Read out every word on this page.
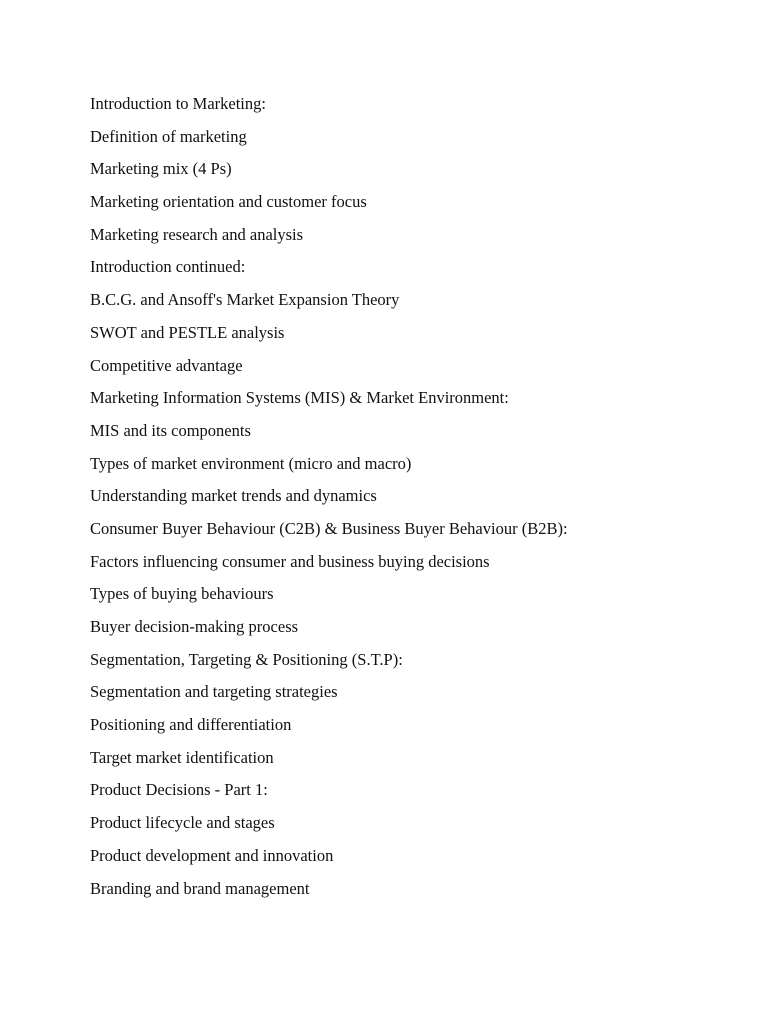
Introduction to Marketing:

Definition of marketing

Marketing mix (4 Ps)

Marketing orientation and customer focus

Marketing research and analysis

Introduction continued:

B.C.G. and Ansoff's Market Expansion Theory

SWOT and PESTLE analysis

Competitive advantage

Marketing Information Systems (MIS) & Market Environment:

MIS and its components

Types of market environment (micro and macro)

Understanding market trends and dynamics

Consumer Buyer Behaviour (C2B) & Business Buyer Behaviour (B2B):

Factors influencing consumer and business buying decisions

Types of buying behaviours

Buyer decision-making process

Segmentation, Targeting & Positioning (S.T.P):

Segmentation and targeting strategies

Positioning and differentiation

Target market identification

Product Decisions - Part 1:

Product lifecycle and stages

Product development and innovation

Branding and brand management
